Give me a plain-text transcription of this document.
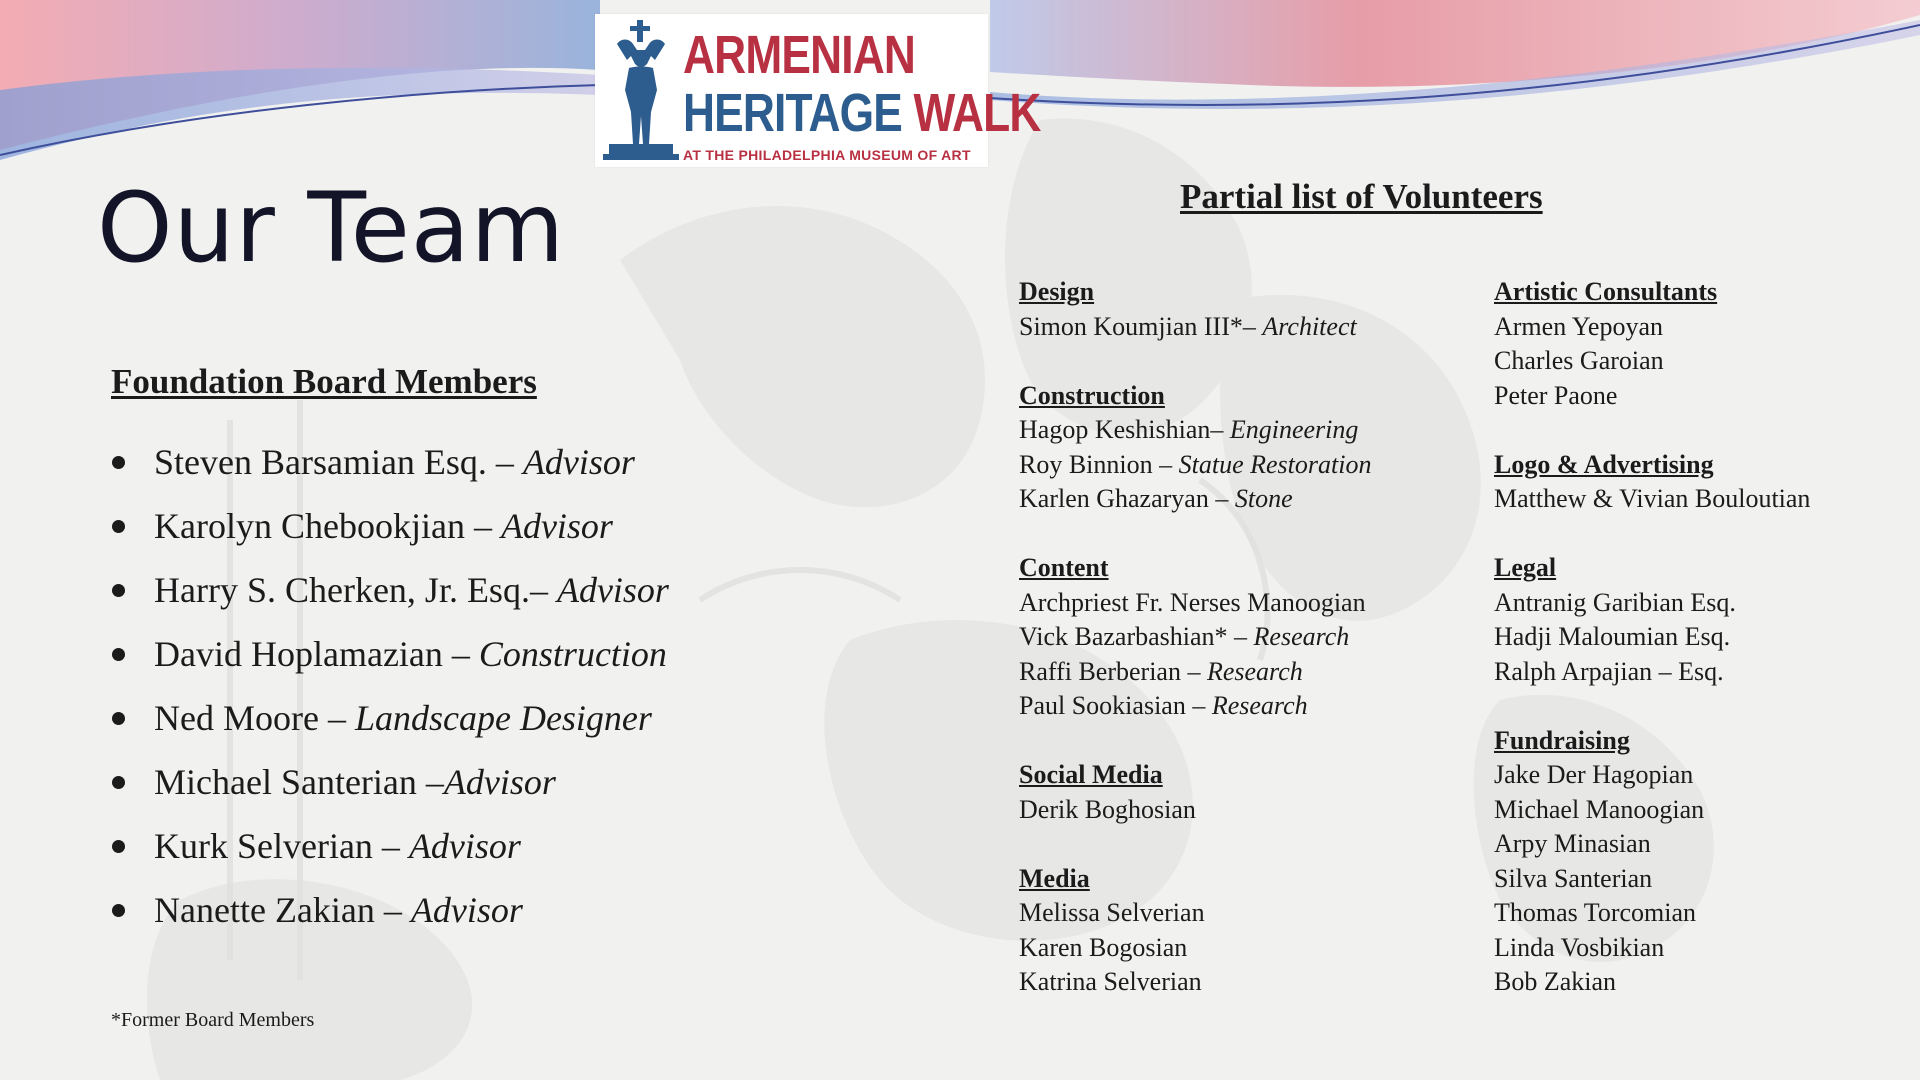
ARMENIAN
HERITAGE WALK
AT THE PHILADELPHIA MUSEUM OF ART
Our Team
Foundation Board Members
Steven Barsamian Esq. – Advisor
Karolyn Chebookjian – Advisor
Harry S. Cherken, Jr. Esq.– Advisor
David Hoplamazian – Construction
Ned Moore – Landscape Designer
Michael Santerian –Advisor
Kurk Selverian – Advisor
Nanette Zakian – Advisor
*Former Board Members
Partial list of Volunteers
Design
Simon Koumjian III*– Architect
Construction
Hagop Keshishian– Engineering
Roy Binnion – Statue Restoration
Karlen Ghazaryan – Stone
Content
Archpriest Fr. Nerses Manoogian
Vick Bazarbashian* – Research
Raffi Berberian – Research
Paul Sookiasian – Research
Social Media
Derik Boghosian
Media
Melissa Selverian
Karen Bogosian
Katrina Selverian
Artistic Consultants
Armen Yepoyan
Charles Garoian
Peter Paone
Logo & Advertising
Matthew & Vivian Bouloutian
Legal
Antranig Garibian Esq.
Hadji Maloumian Esq.
Ralph Arpajian – Esq.
Fundraising
Jake Der Hagopian
Michael Manoogian
Arpy Minasian
Silva Santerian
Thomas Torcomian
Linda Vosbikian
Bob Zakian
